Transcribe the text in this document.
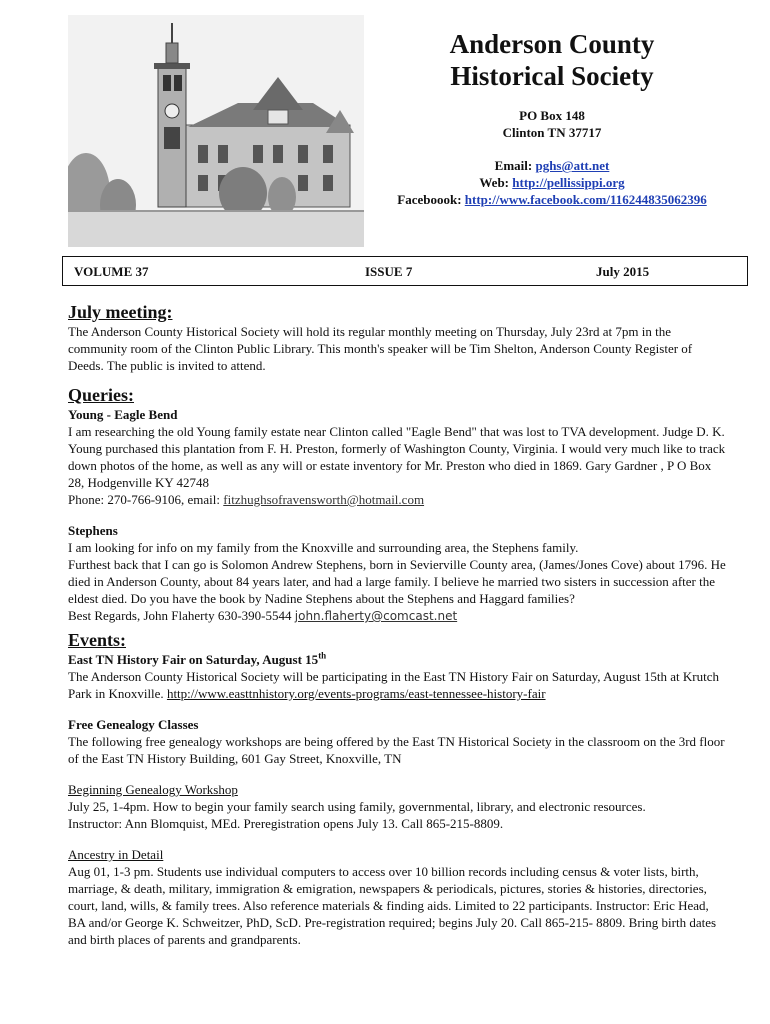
Anderson County
Historical Society
PO Box 148
Clinton TN 37717
Email: pghs@att.net
Web: http://pellissippi.org
Faceboook: http://www.facebook.com/116244835062396
VOLUME 37	ISSUE 7	July 2015
July meeting:

The Anderson County Historical Society will hold its regular monthly meeting on Thursday, July 23rd at 7pm in the community room of the Clinton Public Library. This month's speaker will be Tim Shelton, Anderson County Register of Deeds. The public is invited to attend.

Queries:

Young - Eagle Bend

I am researching the old Young family estate near Clinton called "Eagle Bend" that was lost to TVA development. Judge D. K. Young purchased this plantation from F. H. Preston, formerly of Washington County, Virginia. I would very much like to track down photos of the home, as well as any will or estate inventory for Mr. Preston who died in 1869. Gary Gardner , P O Box 28, Hodgenville KY 42748

Phone: 270-766-9106, email: fitzhughsofravensworth@hotmail.com

Stephens

I am looking for info on my family from the Knoxville and surrounding area, the Stephens family.

Furthest back that I can go is Solomon Andrew Stephens, born in Sevierville County area, (James/Jones Cove) about 1796. He died in Anderson County, about 84 years later, and had a large family. I believe he married two sisters in succession after the eldest died. Do you have the book by Nadine Stephens about the Stephens and Haggard families?

Best Regards, John Flaherty 630-390-5544 john.flaherty@comcast.net

Events:

East TN History Fair on Saturday, August 15th

The Anderson County Historical Society will be participating in the East TN History Fair on Saturday, August 15th at Krutch Park in Knoxville. http://www.easttnhistory.org/events-programs/east-tennessee-history-fair

Free Genealogy Classes

The following free genealogy workshops are being offered by the East TN Historical Society in the classroom on the 3rd floor of the East TN History Building, 601 Gay Street, Knoxville, TN

Beginning Genealogy Workshop

July 25, 1-4pm. How to begin your family search using family, governmental, library, and electronic resources.

Instructor: Ann Blomquist, MEd. Preregistration opens July 13. Call 865-215-8809.

Ancestry in Detail

Aug 01, 1-3 pm. Students use individual computers to access over 10 billion records including census & voter lists, birth, marriage, & death, military, immigration & emigration, newspapers & periodicals, pictures, stories & histories, directories, court, land, wills, & family trees. Also reference materials & finding aids. Limited to 22 participants. Instructor: Eric Head, BA and/or George K. Schweitzer, PhD, ScD. Pre-registration required; begins July 20. Call 865-215- 8809. Bring birth dates and birth places of parents and grandparents.
